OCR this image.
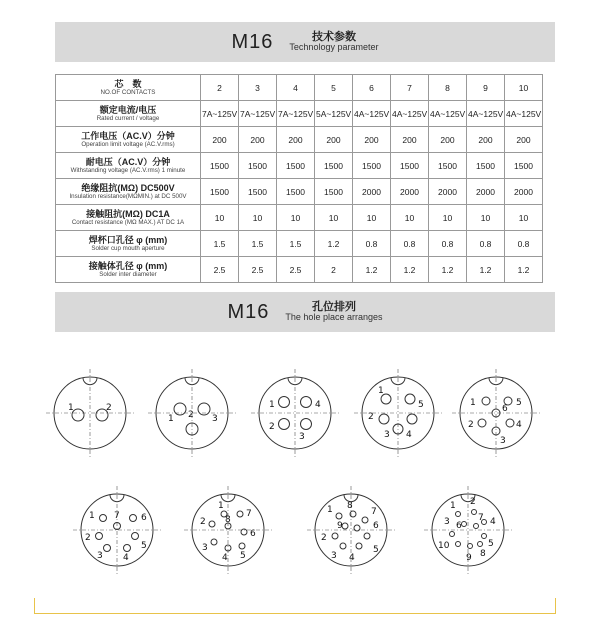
M16	技术参数
Technology parameter
芯　数
NO.OF CONTACTS	2	3	4	5	6	7	8	9	10

额定电流/电压
Rated current / voltage	7A~125V	7A~125V	7A~125V	5A~125V	4A~125V	4A~125V	4A~125V	4A~125V	4A~125V

工作电压（AC.V）分钟
Operation limit voltage (AC.V.rms)	200	200	200	200	200	200	200	200	200

耐电压（AC.V）分钟
Withstanding voltage (AC.V.rms) 1 minute	1500	1500	1500	1500	1500	1500	1500	1500	1500

绝缘阻抗(MΩ) DC500V
Insulation resistance(MΩMIN.) at DC 500V	1500	1500	1500	1500	2000	2000	2000	2000	2000

接触阻抗(MΩ) DC1A
Contact resistance (MΩ MAX.) AT DC 1A	10	10	10	10	10	10	10	10	10

焊杯口孔径 φ (mm)
Solder cup mouth aperture	1.5	1.5	1.5	1.2	0.8	0.8	0.8	0.8	0.8

接触体孔径 φ (mm)
Solder inter diameter	2.5	2.5	2.5	2	1.2	1.2	1.2	1.2	1.2
M16	孔位排列
The hole place arranges
1	2
1 2 3
1
2
3
4
1
2
3 4
5	1
2
3
4
5
6
1
2
3 4
5
6
7
1
2
3
4 5
6
7
8
1
2
3 4
5
6
7
8
9
1 2
3	4
5
6
7
8
9
10
